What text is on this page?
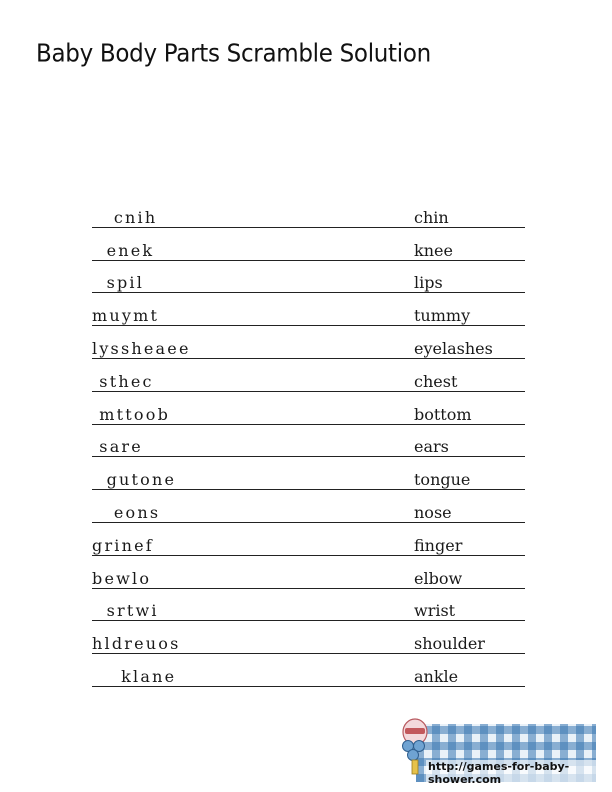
Baby Body Parts Scramble Solution
cnih	chin
enek	knee
spil	lips
muymt	tummy
lyssheaee	eyelashes
sthec	chest
mttoob	bottom
sare	ears
gutone	tongue
eons	nose
grinef	finger
bewlo	elbow
srtwi	wrist
hldreuos	shoulder
klane	ankle
http://games-for-baby-shower.com
